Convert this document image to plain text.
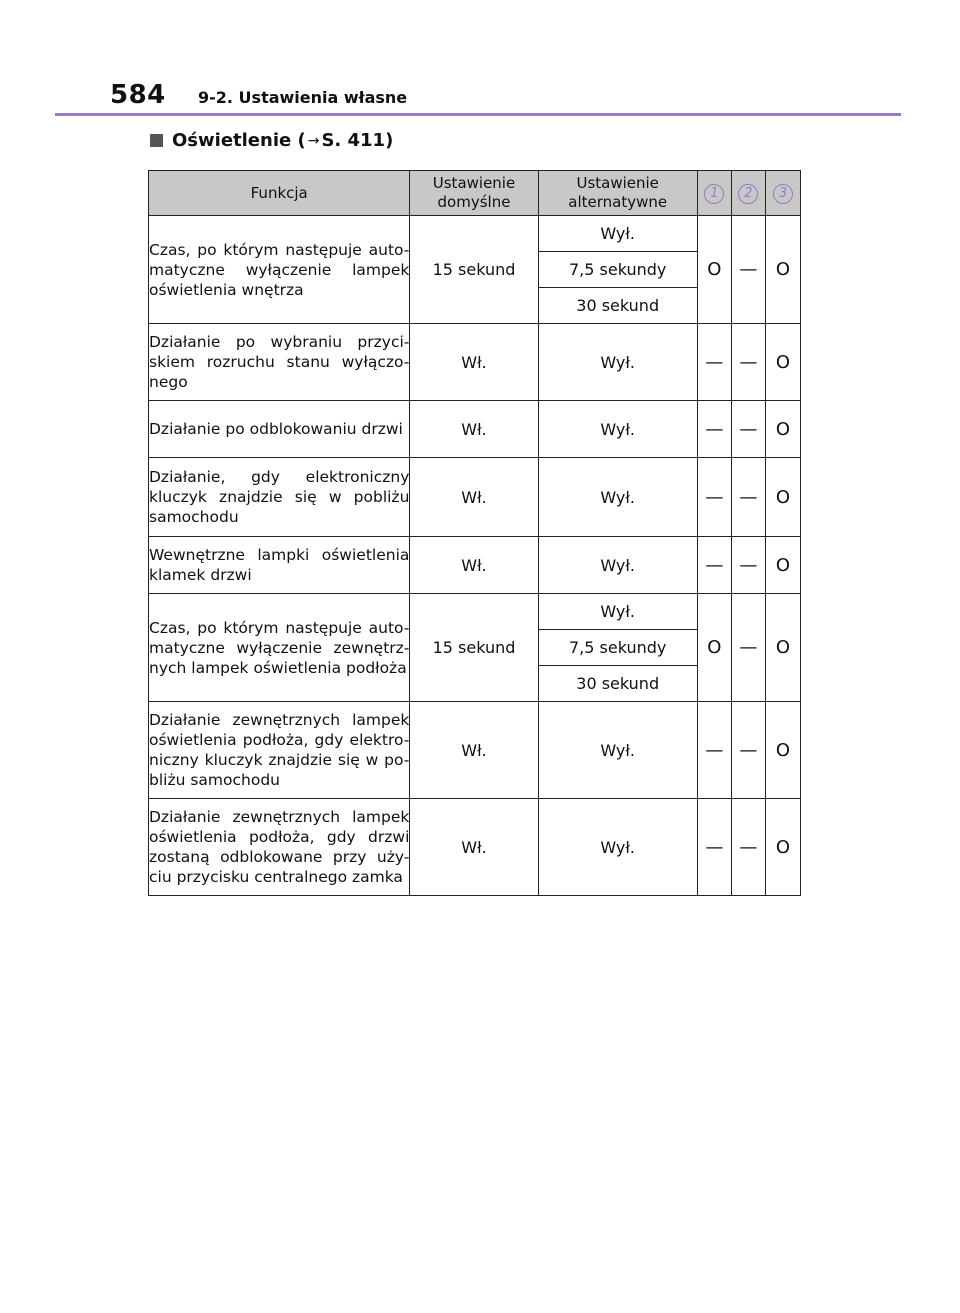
584 9-2. Ustawienia własne
Oświetlenie ( → S. 411)
Funkcja	Ustawienie domyślne	Ustawienie alternatywne	1	2	3
Czas, po którym następuje auto-matyczne wyłączenie lampek oświetlenia wnętrza	15 sekund	Wył.	O	—	O
		7,5 sekundy			
		30 sekund			
Działanie po wybraniu przyci-skiem rozruchu stanu wyłączo-nego	Wł.	Wył.	—	—	O
Działanie po odblokowaniu drzwi	Wł.	Wył.	—	—	O
Działanie, gdy elektroniczny kluczyk znajdzie się w pobliżu samochodu	Wł.	Wył.	—	—	O
Wewnętrzne lampki oświetlenia klamek drzwi	Wł.	Wył.	—	—	O
Czas, po którym następuje auto-matyczne wyłączenie zewnętrz-nych lampek oświetlenia podłoża	15 sekund	Wył.	O	—	O
		7,5 sekundy			
		30 sekund			
Działanie zewnętrznych lampek oświetlenia podłoża, gdy elektro-niczny kluczyk znajdzie się w po-bliżu samochodu	Wł.	Wył.	—	—	O
Działanie zewnętrznych lampek oświetlenia podłoża, gdy drzwi zostaną odblokowane przy uży-ciu przycisku centralnego zamka	Wł.	Wył.	—	—	O
